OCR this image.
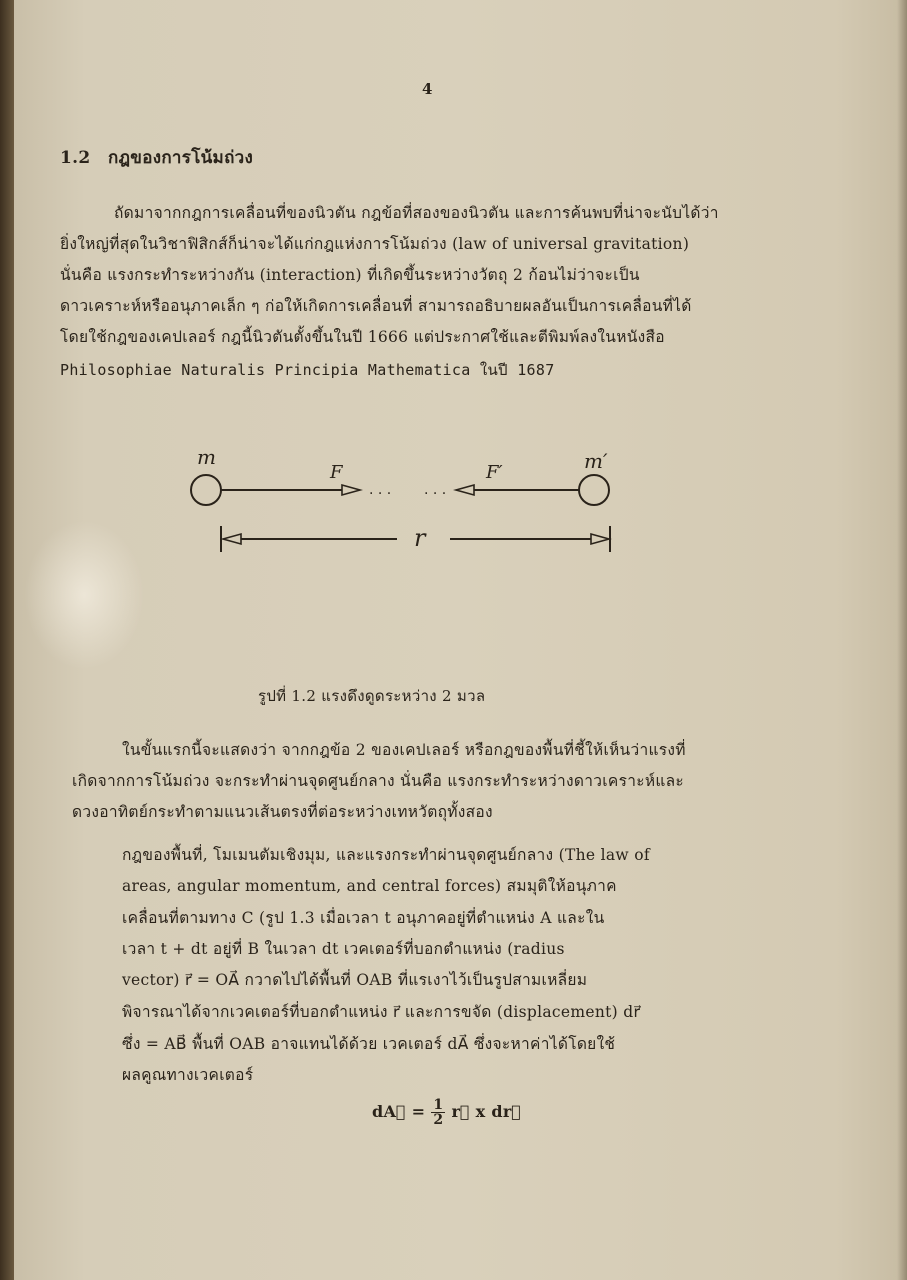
4
1.2 กฎของการโน้มถ่วง
ถัดมาจากกฎการเคลื่อนที่ของนิวตัน กฎข้อที่สองของนิวตัน และการค้นพบที่น่าจะนับได้ว่า
ยิ่งใหญ่ที่สุดในวิชาฟิสิกส์ก็น่าจะได้แก่กฎแห่งการโน้มถ่วง (law of universal gravitation)
นั่นคือ แรงกระทำระหว่างกัน (interaction) ที่เกิดขึ้นระหว่างวัตถุ 2 ก้อนไม่ว่าจะเป็น
ดาวเคราะห์หรืออนุภาคเล็ก ๆ ก่อให้เกิดการเคลื่อนที่ สามารถอธิบายผลอันเป็นการเคลื่อนที่ได้
โดยใช้กฎของเคปเลอร์ กฎนี้นิวตันตั้งขึ้นในปี 1666 แต่ประกาศใช้และตีพิมพ์ลงในหนังสือ
Philosophiae Naturalis Principia Mathematica ในปี 1687
m	m′
F
. . . . . .
F′
r
รูปที่ 1.2 แรงดึงดูดระหว่าง 2 มวล
ในขั้นแรกนี้จะแสดงว่า จากกฎข้อ 2 ของเคปเลอร์ หรือกฎของพื้นที่ชี้ให้เห็นว่าแรงที่
เกิดจากการโน้มถ่วง จะกระทำผ่านจุดศูนย์กลาง นั่นคือ แรงกระทำระหว่างดาวเคราะห์และ
ดวงอาทิตย์กระทำตามแนวเส้นตรงที่ต่อระหว่างเทหวัตถุทั้งสอง
กฎของพื้นที่, โมเมนตัมเชิงมุม, และแรงกระทำผ่านจุดศูนย์กลาง (The law of
areas, angular momentum, and central forces) สมมุติให้อนุภาค
เคลื่อนที่ตามทาง C (รูป 1.3 เมื่อเวลา t อนุภาคอยู่ที่ตำแหน่ง A และใน
เวลา t + dt อยู่ที่ B ในเวลา dt เวคเตอร์ที่บอกตำแหน่ง (radius
vector) r⃗ = OA⃗ กวาดไปได้พื้นที่ OAB ที่แรเงาไว้เป็นรูปสามเหลี่ยม
พิจารณาได้จากเวคเตอร์ที่บอกตำแหน่ง r⃗ และการขจัด (displacement) dr⃗
ซึ่ง = AB⃗ พื้นที่ OAB อาจแทนได้ด้วย เวคเตอร์ dA⃗ ซึ่งจะหาค่าได้โดยใช้
ผลคูณทางเวคเตอร์
dA⃗ = $\frac{1}{2}$ r⃗ x dr⃗
